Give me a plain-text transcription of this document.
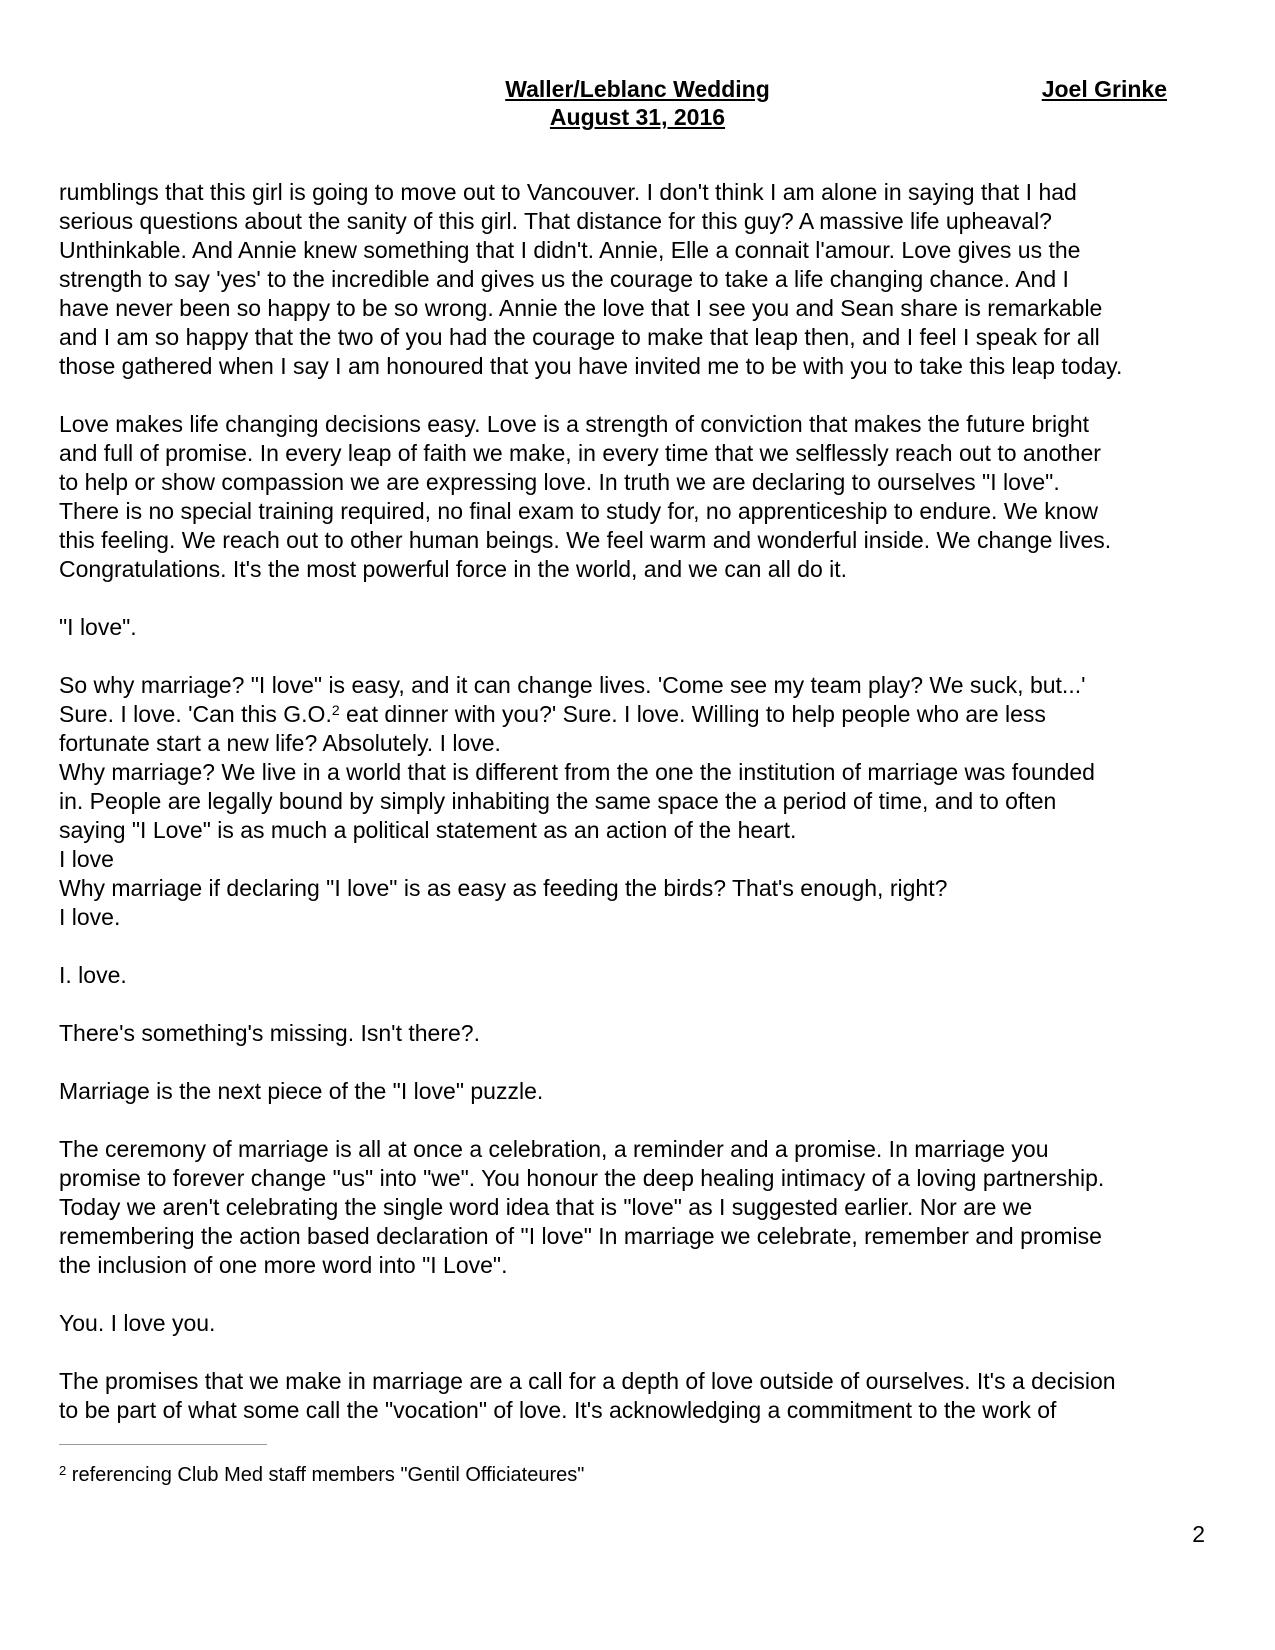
Waller/Leblanc Wedding
August 31, 2016
Joel Grinke

rumblings that this girl is going to move out to Vancouver. I don't think I am alone in saying that I had
serious questions about the sanity of this girl. That distance for this guy? A massive life upheaval?
Unthinkable. And Annie knew something that I didn't. Annie, Elle a connait l'amour. Love gives us the
strength to say 'yes' to the incredible and gives us the courage to take a life changing chance. And I
have never been so happy to be so wrong. Annie the love that I see you and Sean share is remarkable
and I am so happy that the two of you had the courage to make that leap then, and I feel I speak for all
those gathered when I say I am honoured that you have invited me to be with you to take this leap today.

Love makes life changing decisions easy. Love is a strength of conviction that makes the future bright
and full of promise. In every leap of faith we make, in every time that we selflessly reach out to another
to help or show compassion we are expressing love. In truth we are declaring to ourselves "I love".
There is no special training required, no final exam to study for, no apprenticeship to endure. We know
this feeling. We reach out to other human beings. We feel warm and wonderful inside. We change lives.
Congratulations. It's the most powerful force in the world, and we can all do it.

"I love".

So why marriage? "I love" is easy, and it can change lives. 'Come see my team play? We suck, but...'
Sure. I love. 'Can this G.O.$^2$ eat dinner with you?' Sure. I love. Willing to help people who are less
fortunate start a new life? Absolutely. I love.
Why marriage? We live in a world that is different from the one the institution of marriage was founded
in. People are legally bound by simply inhabiting the same space the a period of time, and to often
saying "I Love" is as much a political statement as an action of the heart.
I love
Why marriage if declaring "I love" is as easy as feeding the birds? That's enough, right?
I love.

I. love.

There's something's missing. Isn't there?.

Marriage is the next piece of the "I love" puzzle.

The ceremony of marriage is all at once a celebration, a reminder and a promise. In marriage you
promise to forever change "us" into "we". You honour the deep healing intimacy of a loving partnership.
Today we aren't celebrating the single word idea that is "love" as I suggested earlier. Nor are we
remembering the action based declaration of "I love" In marriage we celebrate, remember and promise
the inclusion of one more word into "I Love".

You. I love you.

The promises that we make in marriage are a call for a depth of love outside of ourselves. It's a decision
to be part of what some call the "vocation" of love. It's acknowledging a commitment to the work of

$^2$ referencing Club Med staff members "Gentil Officiateures"
2
